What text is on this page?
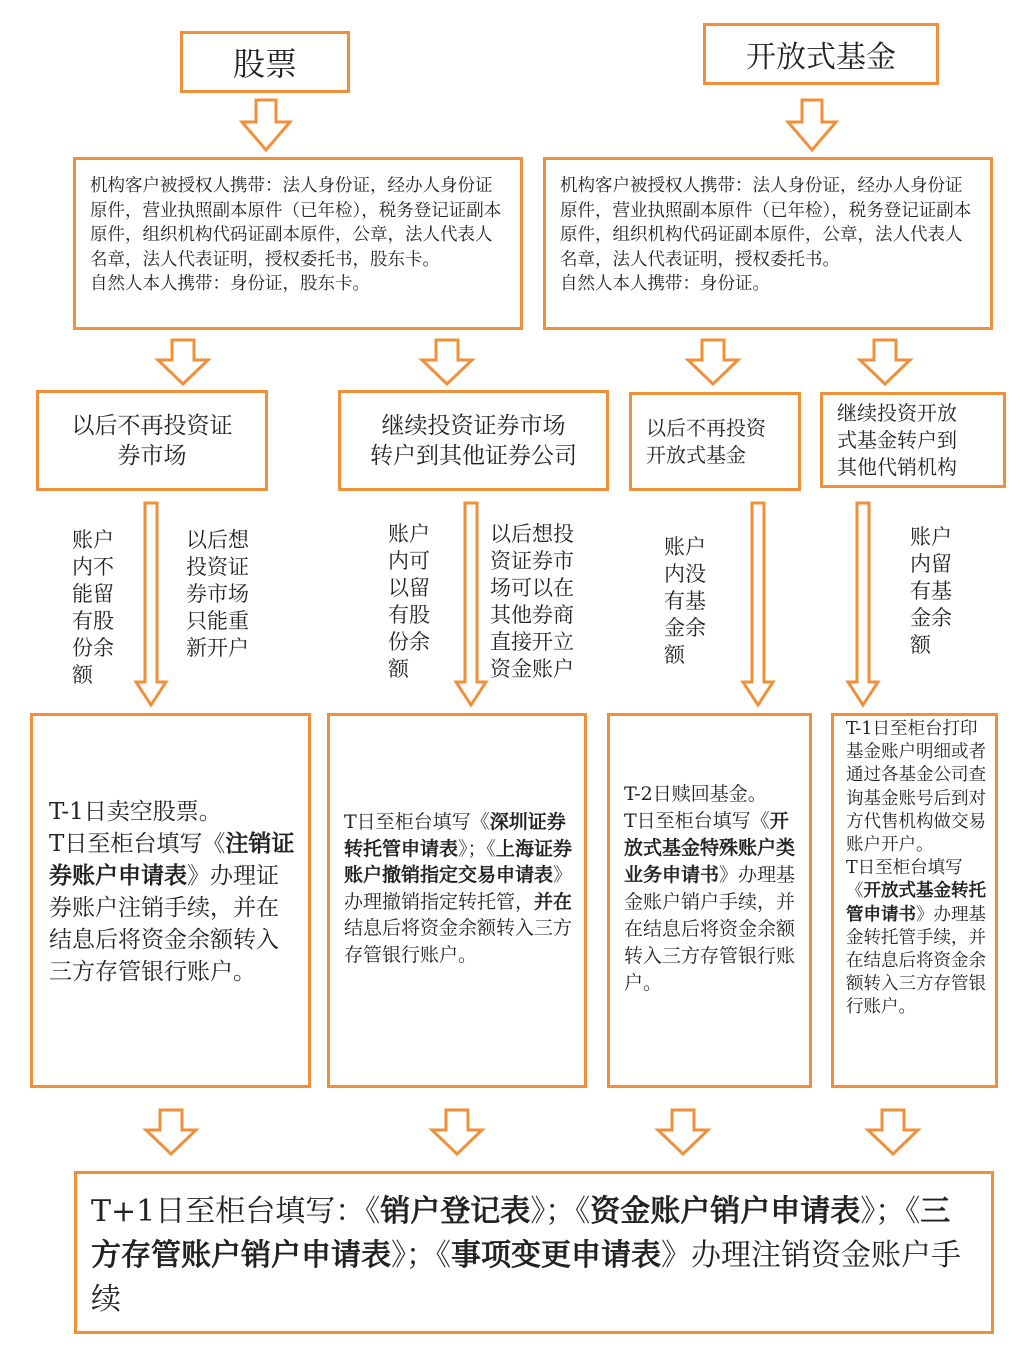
股票	开放式基金
机构客户被授权人携带：法人身份证，经办人身份证原件，营业执照副本原件（已年检），税务登记证副本原件，组织机构代码证副本原件，公章，法人代表人名章，法人代表证明，授权委托书，股东卡。
自然人本人携带：身份证，股东卡。
机构客户被授权人携带：法人身份证，经办人身份证原件，营业执照副本原件（已年检），税务登记证副本原件，组织机构代码证副本原件，公章，法人代表人名章，法人代表证明，授权委托书。
自然人本人携带：身份证。
以后不再投资证
券市场
继续投资证券市场
转户到其他证券公司
以后不再投资
开放式基金
继续投资开放
式基金转户到
其他代销机构
账户
内不
能留
有股
份余
额
以后想
投资证
券市场
只能重
新开户
账户
内可
以留
有股
份余
额
以后想投
资证券市
场可以在
其他券商
直接开立
资金账户
账户
内没
有基
金余
额
账户
内留
有基
金余
额
T-1日卖空股票。
T日至柜台填写《注销证券账户申请表》办理证券账户注销手续，并在结息后将资金余额转入三方存管银行账户。
T日至柜台填写《深圳证券转托管申请表》；《上海证券账户撤销指定交易申请表》办理撤销指定转托管，并在结息后将资金余额转入三方存管银行账户。
T-2日赎回基金。
T日至柜台填写《开放式基金特殊账户类业务申请书》办理基金账户销户手续，并在结息后将资金余额转入三方存管银行账户。
T-1日至柜台打印基金账户明细或者通过各基金公司查询基金账号后到对方代售机构做交易账户开户。
T日至柜台填写《开放式基金转托管申请书》办理基金转托管手续，并在结息后将资金余额转入三方存管银行账户。
T+1日至柜台填写：《销户登记表》；《资金账户销户申请表》；《三方存管账户销户申请表》；《事项变更申请表》办理注销资金账户手续
